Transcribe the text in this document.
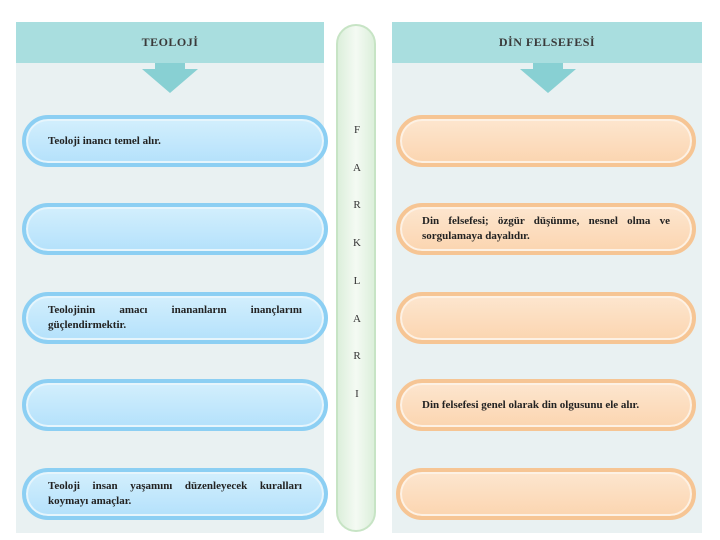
TEOLOJİ
Teoloji inancı temel alır.
Teolojinin amacı inananların inançlarını güçlendirmektir.
Teoloji insan yaşamını düzenleyecek kuralları koymayı amaçlar.
F
A
R
K
L
A
R
I
DİN FELSEFESİ
Din felsefesi; özgür düşünme, nesnel olma ve sorgulamaya dayalıdır.
Din felsefesi genel olarak din olgusunu ele alır.
